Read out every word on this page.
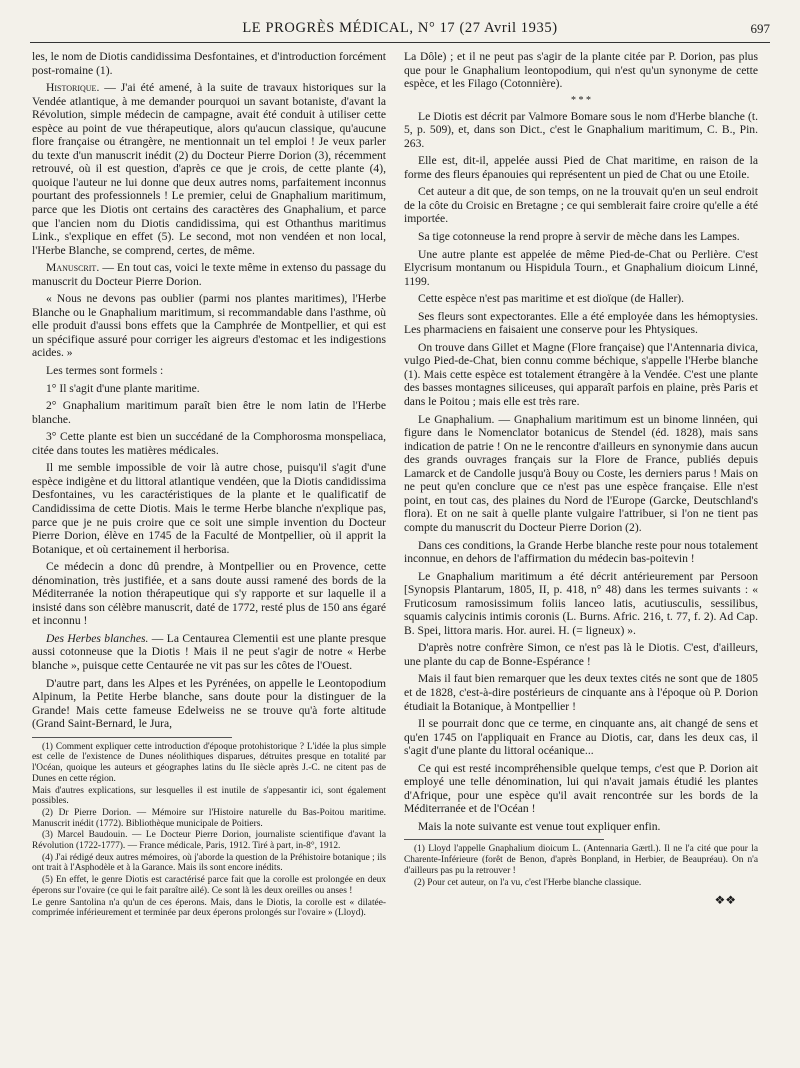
LE PROGRÈS MÉDICAL, N° 17 (27 Avril 1935)	697

les, le nom de Diotis candidissima Desfontaines, et d'introduction forcément post-romaine (1).

Historique. — J'ai été amené, à la suite de travaux historiques sur la Vendée atlantique, à me demander pourquoi un savant botaniste, d'avant la Révolution, simple médecin de campagne, avait été conduit à utiliser cette espèce au point de vue thérapeutique, alors qu'aucun classique, qu'aucune flore française ou étrangère, ne mentionnait un tel emploi ! Je veux parler du texte d'un manuscrit inédit (2) du Docteur Pierre Dorion (3), récemment retrouvé, où il est question, d'après ce que je crois, de cette plante (4), quoique l'auteur ne lui donne que deux autres noms, parfaitement inconnus pourtant des professionnels ! Le premier, celui de Gnaphalium maritimum, parce que les Diotis ont certains des caractères des Gnaphalium, et parce que l'ancien nom du Diotis candidissima, qui est Othanthus maritimus Link., s'explique en effet (5). Le second, mot non vendéen et non local, l'Herbe Blanche, se comprend, certes, de même.

Manuscrit. — En tout cas, voici le texte même in extenso du passage du manuscrit du Docteur Pierre Dorion.

« Nous ne devons pas oublier (parmi nos plantes maritimes), l'Herbe Blanche ou le Gnaphalium maritimum, si recommandable dans l'asthme, où elle produit d'aussi bons effets que la Camphrée de Montpellier, et qui est un spécifique assuré pour corriger les aigreurs d'estomac et les indigestions acides. »

Les termes sont formels :

1° Il s'agit d'une plante maritime.

2° Gnaphalium maritimum paraît bien être le nom latin de l'Herbe blanche.

3° Cette plante est bien un succédané de la Comphorosma monspeliaca, citée dans toutes les matières médicales.

Il me semble impossible de voir là autre chose, puisqu'il s'agit d'une espèce indigène et du littoral atlantique vendéen, que la Diotis candidissima Desfontaines, vu les caractéristiques de la plante et le qualificatif de Candidissima de cette Diotis. Mais le terme Herbe blanche n'explique pas, parce que je ne puis croire que ce soit une simple invention du Docteur Pierre Dorion, élève en 1745 de la Faculté de Montpellier, où il apprit la Botanique, et où certainement il herborisa.

Ce médecin a donc dû prendre, à Montpellier ou en Provence, cette dénomination, très justifiée, et a sans doute aussi ramené des bords de la Méditerranée la notion thérapeutique qui s'y rapporte et sur laquelle il a insisté dans son célèbre manuscrit, daté de 1772, resté plus de 150 ans égaré et inconnu !

Des Herbes blanches. — La Centaurea Clementii est une plante presque aussi cotonneuse que la Diotis ! Mais il ne peut s'agir de notre « Herbe blanche », puisque cette Centaurée ne vit pas sur les côtes de l'Ouest.

D'autre part, dans les Alpes et les Pyrénées, on appelle le Leontopodium Alpinum, la Petite Herbe blanche, sans doute pour la distinguer de la Grande! Mais cette fameuse Edelweiss ne se trouve qu'à forte altitude (Grand Saint-Bernard, le Jura,

(1) Comment expliquer cette introduction d'époque protohistorique ? L'idée la plus simple est celle de l'existence de Dunes néolithiques disparues, détruites presque en totalité par l'Océan, quoique les auteurs et géographes latins du IIe siècle après J.-C. ne citent pas de Dunes en cette région.
Mais d'autres explications, sur lesquelles il est inutile de s'appesantir ici, sont également possibles.
(2) Dr Pierre Dorion. — Mémoire sur l'Histoire naturelle du Bas-Poitou maritime. Manuscrit inédit (1772). Bibliothèque municipale de Poitiers.
(3) Marcel Baudouin. — Le Docteur Pierre Dorion, journaliste scientifique d'avant la Révolution (1722-1777). — France médicale, Paris, 1912. Tiré à part, in-8°, 1912.
(4) J'ai rédigé deux autres mémoires, où j'aborde la question de la Préhistoire botanique ; ils ont trait à l'Asphodèle et à la Garance. Mais ils sont encore inédits.
(5) En effet, le genre Diotis est caractérisé parce fait que la corolle est prolongée en deux éperons sur l'ovaire (ce qui le fait paraître ailé). Ce sont là les deux oreilles ou anses !
Le genre Santolina n'a qu'un de ces éperons. Mais, dans le Diotis, la corolle est « dilatée-comprimée inférieurement et terminée par deux éperons prolongés sur l'ovaire » (Lloyd).

La Dôle) ; et il ne peut pas s'agir de la plante citée par P. Dorion, pas plus que pour le Gnaphalium leontopodium, qui n'est qu'un synonyme de cette espèce, et les Filago (Cotonnière).

* * *

Le Diotis est décrit par Valmore Bomare sous le nom d'Herbe blanche (t. 5, p. 509), et, dans son Dict., c'est le Gnaphalium maritimum, C. B., Pin. 263.

Elle est, dit-il, appelée aussi Pied de Chat maritime, en raison de la forme des fleurs épanouies qui représentent un pied de Chat ou une Etoile.

Cet auteur a dit que, de son temps, on ne la trouvait qu'en un seul endroit de la côte du Croisic en Bretagne ; ce qui semblerait faire croire qu'elle a été importée.

Sa tige cotonneuse la rend propre à servir de mèche dans les Lampes.

Une autre plante est appelée de même Pied-de-Chat ou Perlière. C'est Elycrisum montanum ou Hispidula Tourn., et Gnaphalium dioicum Linné, 1199.

Cette espèce n'est pas maritime et est dioïque (de Haller).

Ses fleurs sont expectorantes. Elle a été employée dans les hémoptysies. Les pharmaciens en faisaient une conserve pour les Phtysiques.

On trouve dans Gillet et Magne (Flore française) que l'Antennaria divica, vulgo Pied-de-Chat, bien connu comme béchique, s'appelle l'Herbe blanche (1). Mais cette espèce est totalement étrangère à la Vendée. C'est une plante des basses montagnes siliceuses, qui apparaît parfois en plaine, près Paris et dans le Poitou ; mais elle est très rare.

Le Gnaphalium. — Gnaphalium maritimum est un binome linnéen, qui figure dans le Nomenclator botanicus de Stendel (éd. 1828), mais sans indication de patrie ! On ne le rencontre d'ailleurs en synonymie dans aucun des grands ouvrages français sur la Flore de France, publiés depuis Lamarck et de Candolle jusqu'à Bouy ou Coste, les derniers parus ! Mais on ne peut qu'en conclure que ce n'est pas une espèce française. Elle n'est point, en tout cas, des plaines du Nord de l'Europe (Garcke, Deutschland's flora). Et on ne sait à quelle plante vulgaire l'attribuer, si l'on ne tient pas compte du manuscrit du Docteur Pierre Dorion (2).

Dans ces conditions, la Grande Herbe blanche reste pour nous totalement inconnue, en dehors de l'affirmation du médecin bas-poitevin !

Le Gnaphalium maritimum a été décrit antérieurement par Persoon [Synopsis Plantarum, 1805, II, p. 418, n° 48) dans les termes suivants : « Fruticosum ramosissimum foliis lanceo latis, acutiusculis, sessilibus, squamis calycinis intimis coronis (L. Burns. Afric. 216, t. 77, f. 2). Ad Cap. B. Spei, littora maris. Hor. aurei. H. (= ligneux) ».

D'après notre confrère Simon, ce n'est pas là le Diotis. C'est, d'ailleurs, une plante du cap de Bonne-Espérance !

Mais il faut bien remarquer que les deux textes cités ne sont que de 1805 et de 1828, c'est-à-dire postérieurs de cinquante ans à l'époque où P. Dorion étudiait la Botanique, à Montpellier !

Il se pourrait donc que ce terme, en cinquante ans, ait changé de sens et qu'en 1745 on l'appliquait en France au Diotis, car, dans les deux cas, il s'agit d'une plante du littoral océanique...

Ce qui est resté incompréhensible quelque temps, c'est que P. Dorion ait employé une telle dénomination, lui qui n'avait jamais étudié les plantes d'Afrique, pour une espèce qu'il avait rencontrée sur les bords de la Méditerranée et de l'Océan !

Mais la note suivante est venue tout expliquer enfin.

(1) Lloyd l'appelle Gnaphalium dioicum L. (Antennaria Gærtl.). Il ne l'a cité que pour la Charente-Inférieure (forêt de Benon, d'après Bonpland, in Herbier, de Beaupréau). On n'a d'ailleurs pas pu la retrouver !
(2) Pour cet auteur, on l'a vu, c'est l'Herbe blanche classique.
❖❖
